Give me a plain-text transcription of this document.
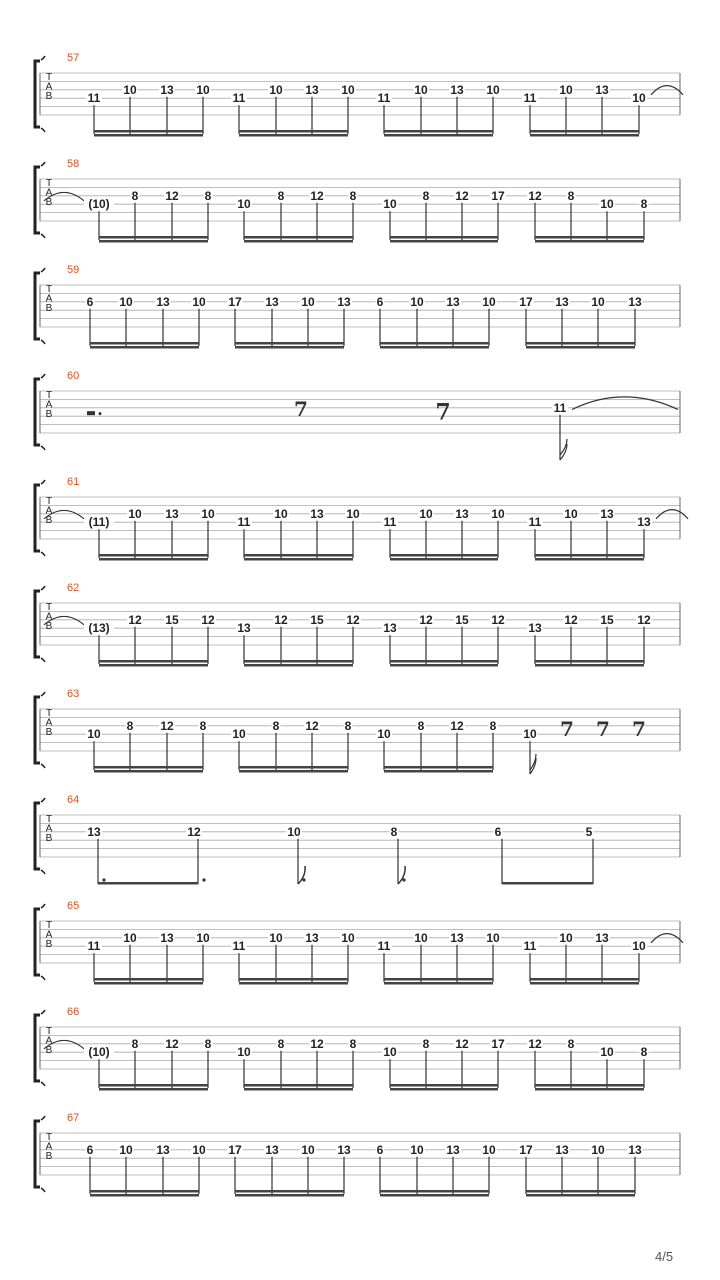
T
A
B
57
11
10 13 10
11
10 13 10
11
10 13 10
11
10 13
10
T
A
B
58
(10)
8 12 8
10
8 12 8
10
8 12 17 12 8
10 8
T
A
B
59
6 10 13 10 17 13 10 13 6 10 13 10 17 13 10 13
T
A
B
60
7	7	11
T
A
B
61
(11)
10 13 10
11
10 13 10
11
10 13 10
11
10 13
13
T
A
B
62
(13)
12 15 12
13
12 15 12
13
12 15 12
13
12 15 12
T
A
B
63
10
8 12 8
10
8 12 8
10
8 12 8
10 7 7 7
T
A
B
64
13	12	10	8	6	5
T
A
B
65
11
10 13 10
11
10 13 10
11
10 13 10
11
10 13
10
T
A
B
66
(10)
8 12 8
10
8 12 8
10
8 12 17 12 8
10 8
T
A
B
67
6 10 13 10 17 13 10 13 6 10 13 10 17 13 10 13
4/5
